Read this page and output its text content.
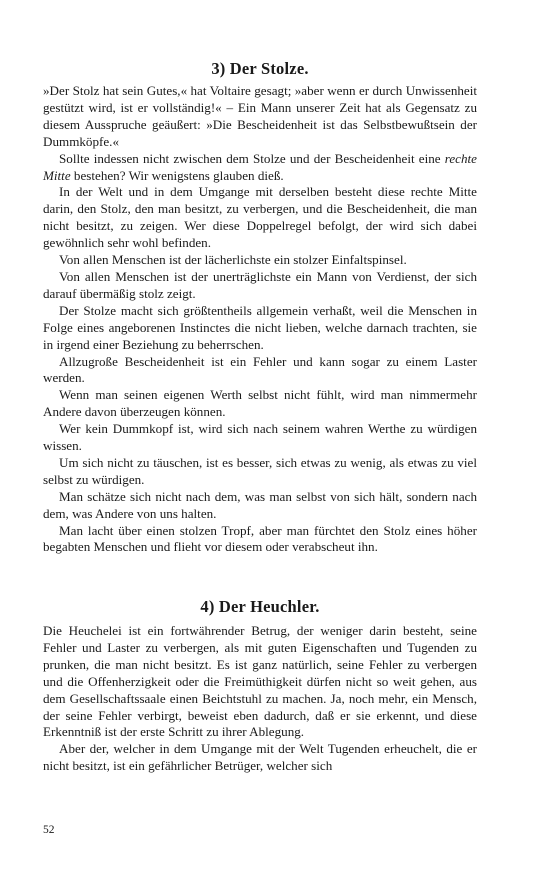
3) Der Stolze.

»Der Stolz hat sein Gutes,« hat Voltaire gesagt; »aber wenn er durch Unwissenheit gestützt wird, ist er vollständig!« – Ein Mann unserer Zeit hat als Gegensatz zu diesem Ausspruche geäußert: »Die Bescheidenheit ist das Selbstbewußtsein der Dummköpfe.«

Sollte indessen nicht zwischen dem Stolze und der Bescheidenheit eine rechte Mitte bestehen? Wir wenigstens glauben dieß.

In der Welt und in dem Umgange mit derselben besteht diese rechte Mitte darin, den Stolz, den man besitzt, zu verbergen, und die Bescheidenheit, die man nicht besitzt, zu zeigen. Wer diese Doppelregel befolgt, der wird sich dabei gewöhnlich sehr wohl befinden.

Von allen Menschen ist der lächerlichste ein stolzer Einfaltspinsel.

Von allen Menschen ist der unerträglichste ein Mann von Verdienst, der sich darauf übermäßig stolz zeigt.

Der Stolze macht sich größtentheils allgemein verhaßt, weil die Menschen in Folge eines angeborenen Instinctes die nicht lieben, welche darnach trachten, sie in irgend einer Beziehung zu beherrschen.

Allzugroße Bescheidenheit ist ein Fehler und kann sogar zu einem Laster werden.

Wenn man seinen eigenen Werth selbst nicht fühlt, wird man nimmermehr Andere davon überzeugen können.

Wer kein Dummkopf ist, wird sich nach seinem wahren Werthe zu würdigen wissen.

Um sich nicht zu täuschen, ist es besser, sich etwas zu wenig, als etwas zu viel selbst zu würdigen.

Man schätze sich nicht nach dem, was man selbst von sich hält, sondern nach dem, was Andere von uns halten.

Man lacht über einen stolzen Tropf, aber man fürchtet den Stolz eines höher begabten Menschen und flieht vor diesem oder verabscheut ihn.

4) Der Heuchler.

Die Heuchelei ist ein fortwährender Betrug, der weniger darin besteht, seine Fehler und Laster zu verbergen, als mit guten Eigenschaften und Tugenden zu prunken, die man nicht besitzt. Es ist ganz natürlich, seine Fehler zu verbergen und die Offenherzigkeit oder die Freimüthigkeit dürfen nicht so weit gehen, aus dem Gesellschaftssaale einen Beichtstuhl zu machen. Ja, noch mehr, ein Mensch, der seine Fehler verbirgt, beweist eben dadurch, daß er sie erkennt, und diese Erkenntniß ist der erste Schritt zu ihrer Ablegung.

Aber der, welcher in dem Umgange mit der Welt Tugenden erheuchelt, die er nicht besitzt, ist ein gefährlicher Betrüger, welcher sich

52
